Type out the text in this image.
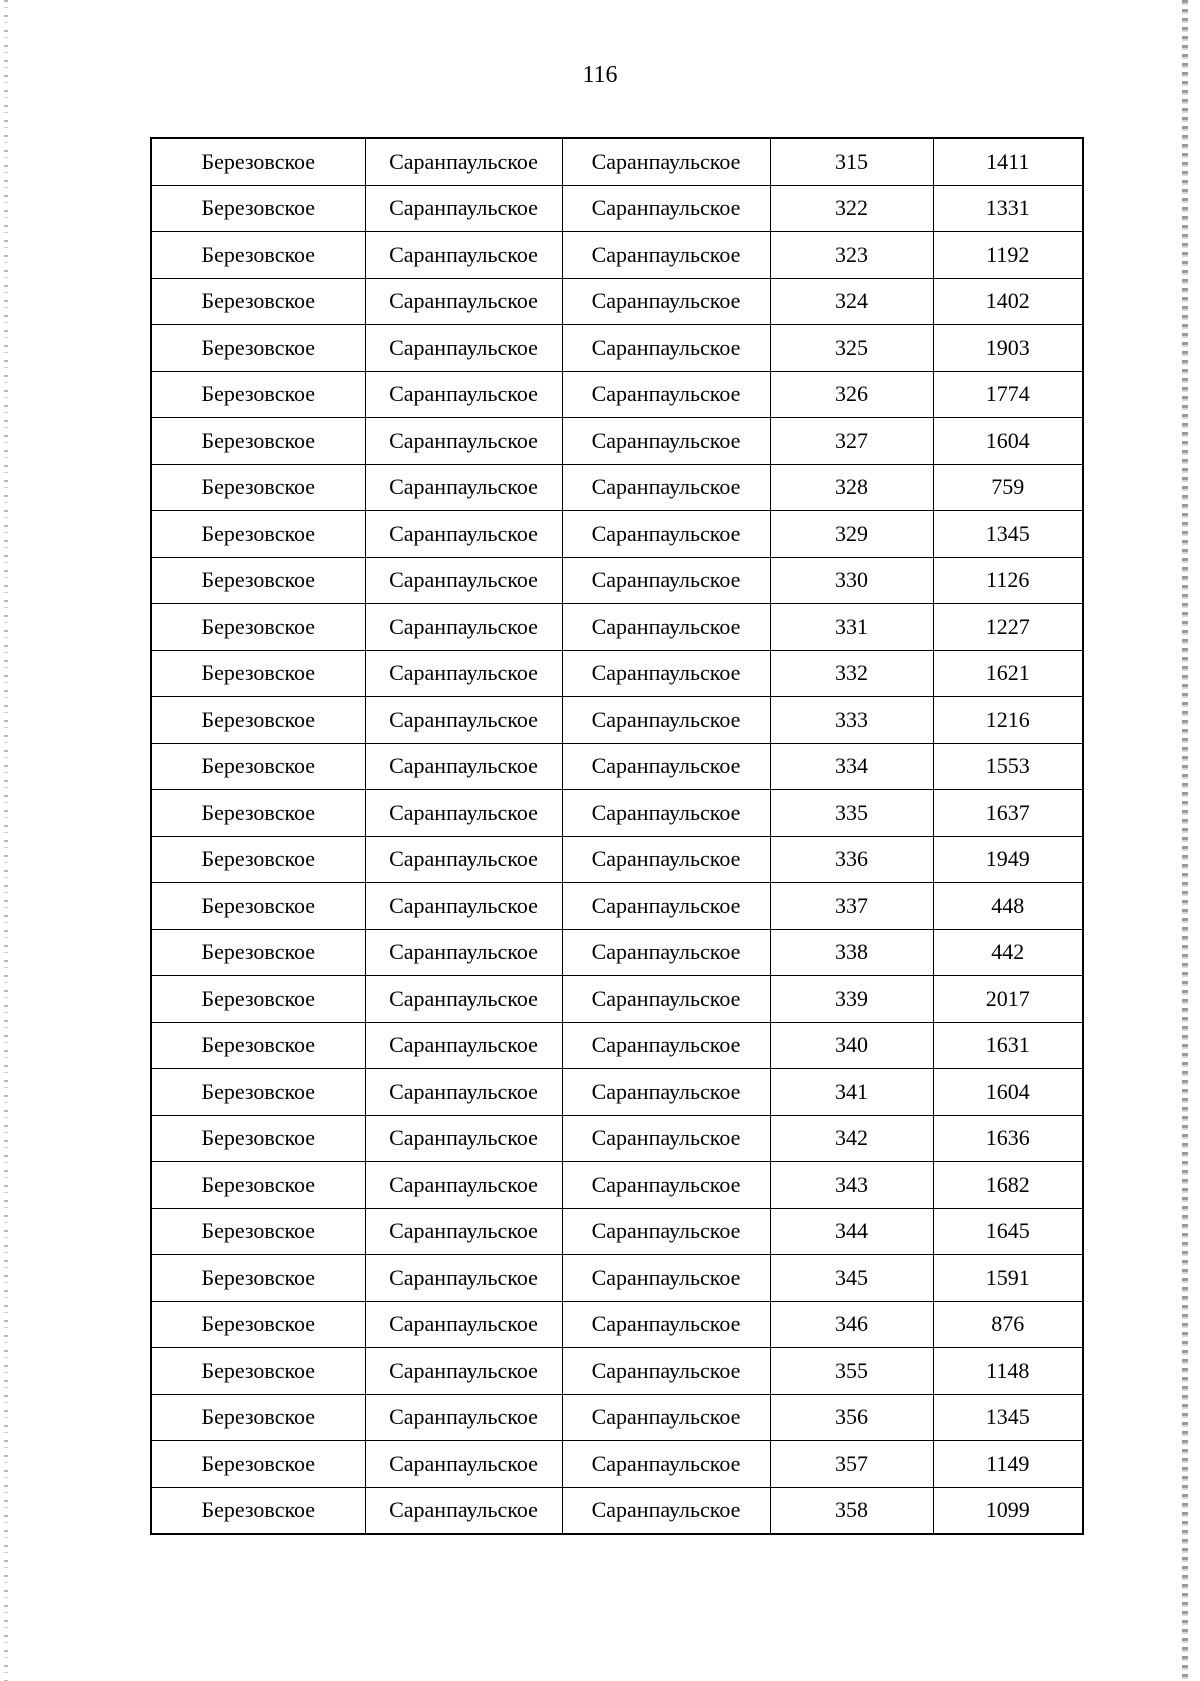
116
Березовское	Саранпаульское	Саранпаульское	315	1411
Березовское	Саранпаульское	Саранпаульское	322	1331
Березовское	Саранпаульское	Саранпаульское	323	1192
Березовское	Саранпаульское	Саранпаульское	324	1402
Березовское	Саранпаульское	Саранпаульское	325	1903
Березовское	Саранпаульское	Саранпаульское	326	1774
Березовское	Саранпаульское	Саранпаульское	327	1604
Березовское	Саранпаульское	Саранпаульское	328	759
Березовское	Саранпаульское	Саранпаульское	329	1345
Березовское	Саранпаульское	Саранпаульское	330	1126
Березовское	Саранпаульское	Саранпаульское	331	1227
Березовское	Саранпаульское	Саранпаульское	332	1621
Березовское	Саранпаульское	Саранпаульское	333	1216
Березовское	Саранпаульское	Саранпаульское	334	1553
Березовское	Саранпаульское	Саранпаульское	335	1637
Березовское	Саранпаульское	Саранпаульское	336	1949
Березовское	Саранпаульское	Саранпаульское	337	448
Березовское	Саранпаульское	Саранпаульское	338	442
Березовское	Саранпаульское	Саранпаульское	339	2017
Березовское	Саранпаульское	Саранпаульское	340	1631
Березовское	Саранпаульское	Саранпаульское	341	1604
Березовское	Саранпаульское	Саранпаульское	342	1636
Березовское	Саранпаульское	Саранпаульское	343	1682
Березовское	Саранпаульское	Саранпаульское	344	1645
Березовское	Саранпаульское	Саранпаульское	345	1591
Березовское	Саранпаульское	Саранпаульское	346	876
Березовское	Саранпаульское	Саранпаульское	355	1148
Березовское	Саранпаульское	Саранпаульское	356	1345
Березовское	Саранпаульское	Саранпаульское	357	1149
Березовское	Саранпаульское	Саранпаульское	358	1099
